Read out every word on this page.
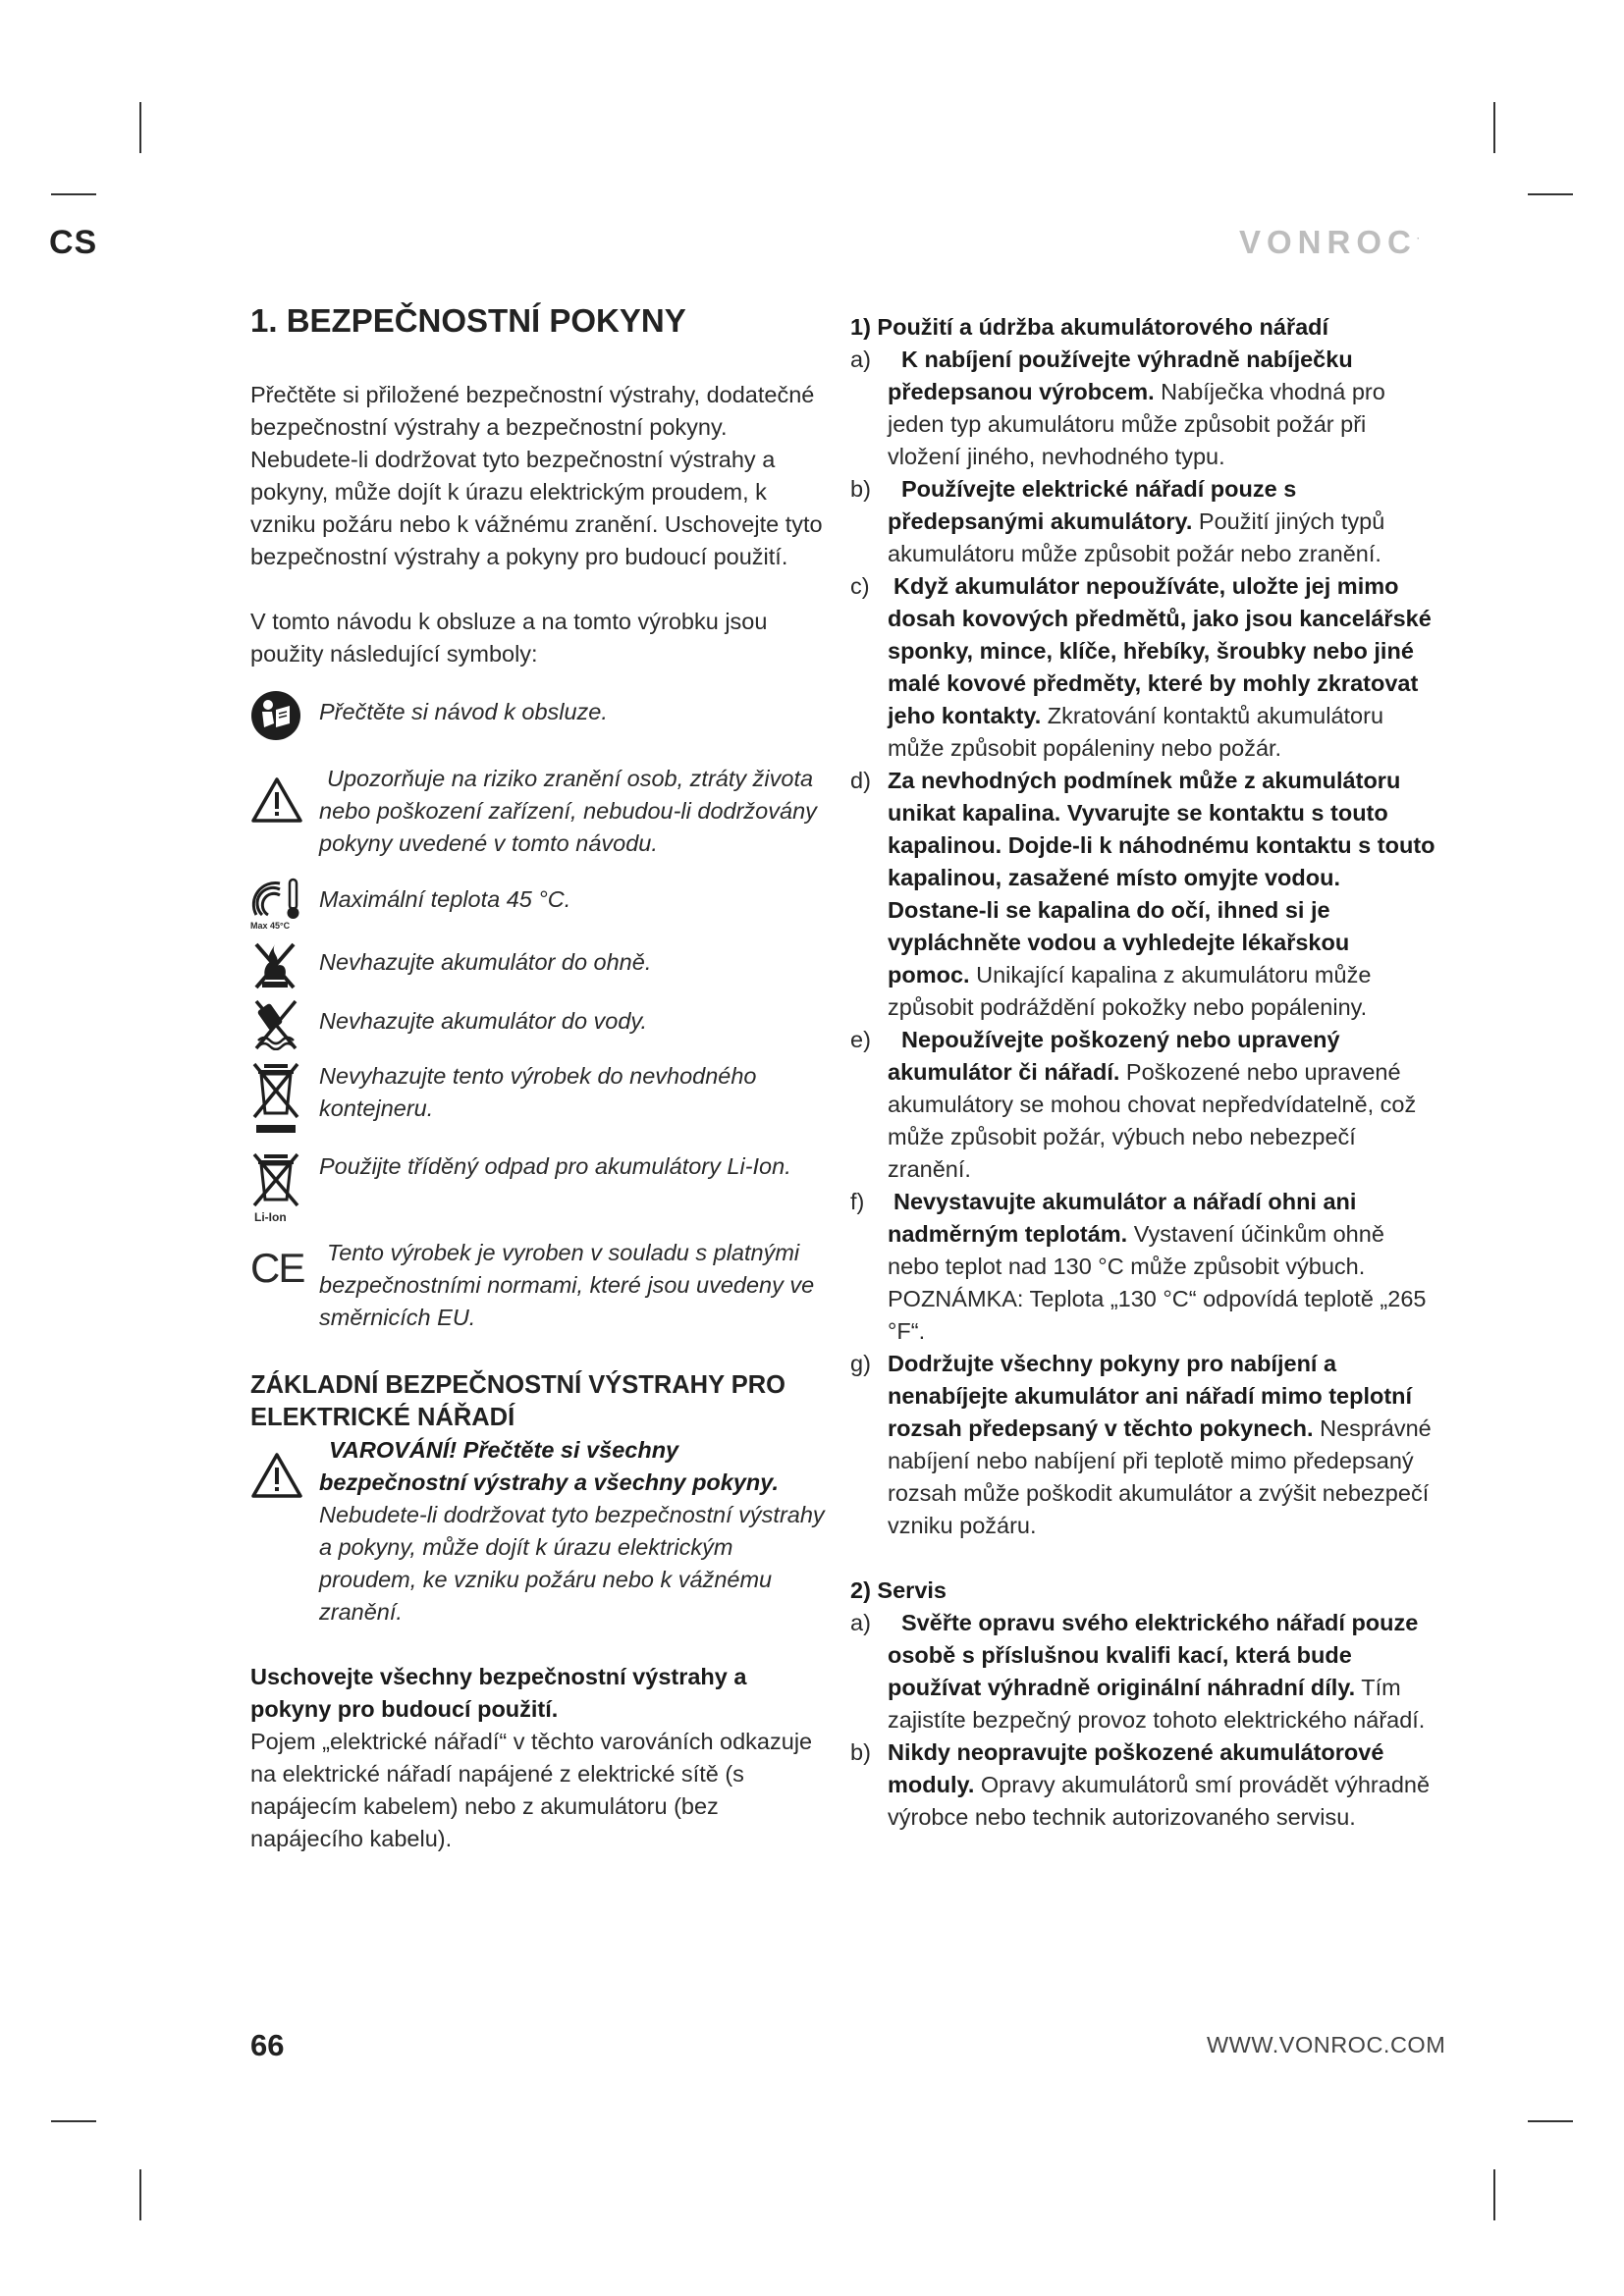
CS	VONROC·
1. BEZPEČNOSTNÍ POKYNY

Přečtěte si přiložené bezpečnostní výstrahy, dodatečné bezpečnostní výstrahy a bezpečnostní pokyny. Nebudete-li dodržovat tyto bezpečnostní výstrahy a pokyny, může dojít k úrazu elektrickým proudem, k vzniku požáru nebo k vážnému zranění. Uschovejte tyto bezpečnostní výstrahy a pokyny pro budoucí použití.

V tomto návodu k obsluze a na tomto výrobku jsou použity následující symboly:

Přečtěte si návod k obsluze.
Upozorňuje na riziko zranění osob, ztráty života nebo poškození zařízení, nebudou-li dodržovány pokyny uvedené v tomto návodu.
Max 45°C
Maximální teplota 45 °C.
Nevhazujte akumulátor do ohně.
Nevhazujte akumulátor do vody.
Nevyhazujte tento výrobek do nevhodného kontejneru.
Li-Ion
Použijte tříděný odpad pro akumulátory Li-Ion.
CE	Tento výrobek je vyroben v souladu s platnými bezpečnostními normami, které jsou uvedeny ve směrnicích EU.
ZÁKLADNÍ BEZPEČNOSTNÍ VÝSTRAHY PRO ELEKTRICKÉ NÁŘADÍ
VAROVÁNÍ! Přečtěte si všechny bezpečnostní výstrahy a všechny pokyny. Nebudete-li dodržovat tyto bezpečnostní výstrahy a pokyny, může dojít k úrazu elektrickým proudem, ke vzniku požáru nebo k vážnému zranění.

Uschovejte všechny bezpečnostní výstrahy a pokyny pro budoucí použití.
Pojem „elektrické nářadí“ v těchto varováních odkazuje na elektrické nářadí napájené z elektrické sítě (s napájecím kabelem) nebo z akumulátoru (bez napájecího kabelu).

1) Použití a údržba akumulátorového nářadí
a)	K nabíjení používejte výhradně nabíječku předepsanou výrobcem. Nabíječka vhodná pro jeden typ akumulátoru může způsobit požár při vložení jiného, nevhodného typu.
b)	Používejte elektrické nářadí pouze s předepsanými akumulátory. Použití jiných typů akumulátoru může způsobit požár nebo zranění.
c)	Když akumulátor nepoužíváte, uložte jej mimo dosah kovových předmětů, jako jsou kancelářské sponky, mince, klíče, hřebíky, šroubky nebo jiné malé kovové předměty, které by mohly zkratovat jeho kontakty. Zkratování kontaktů akumulátoru může způsobit popáleniny nebo požár.
d) Za nevhodných podmínek může z akumulátoru unikat kapalina. Vyvarujte se kontaktu s touto kapalinou. Dojde-li k náhodnému kontaktu s touto kapalinou, zasažené místo omyjte vodou. Dostane-li se kapalina do očí, ihned si je vypláchněte vodou a vyhledejte lékařskou pomoc. Unikající kapalina z akumulátoru může způsobit podráždění pokožky nebo popáleniny.
e)	Nepoužívejte poškozený nebo upravený akumulátor či nářadí. Poškozené nebo upravené akumulátory se mohou chovat nepředvídatelně, což může způsobit požár, výbuch nebo nebezpečí zranění.
f)	Nevystavujte akumulátor a nářadí ohni ani nadměrným teplotám. Vystavení účinkům ohně nebo teplot nad 130 °C může způsobit výbuch. POZNÁMKA: Teplota „130 °C“ odpovídá teplotě „265 °F“.
g) Dodržujte všechny pokyny pro nabíjení a nenabíjejte akumulátor ani nářadí mimo teplotní rozsah předepsaný v těchto pokynech. Nesprávné nabíjení nebo nabíjení při teplotě mimo předepsaný rozsah může poškodit akumulátor a zvýšit nebezpečí vzniku požáru.
2) Servis
a)	Svěřte opravu svého elektrického nářadí pouze osobě s příslušnou kvalifi kací, která bude používat výhradně originální náhradní díly. Tím zajistíte bezpečný provoz tohoto elektrického nářadí.
b) Nikdy neopravujte poškozené akumulátorové moduly. Opravy akumulátorů smí provádět výhradně výrobce nebo technik autorizovaného servisu.
66	WWW.VONROC.COM
